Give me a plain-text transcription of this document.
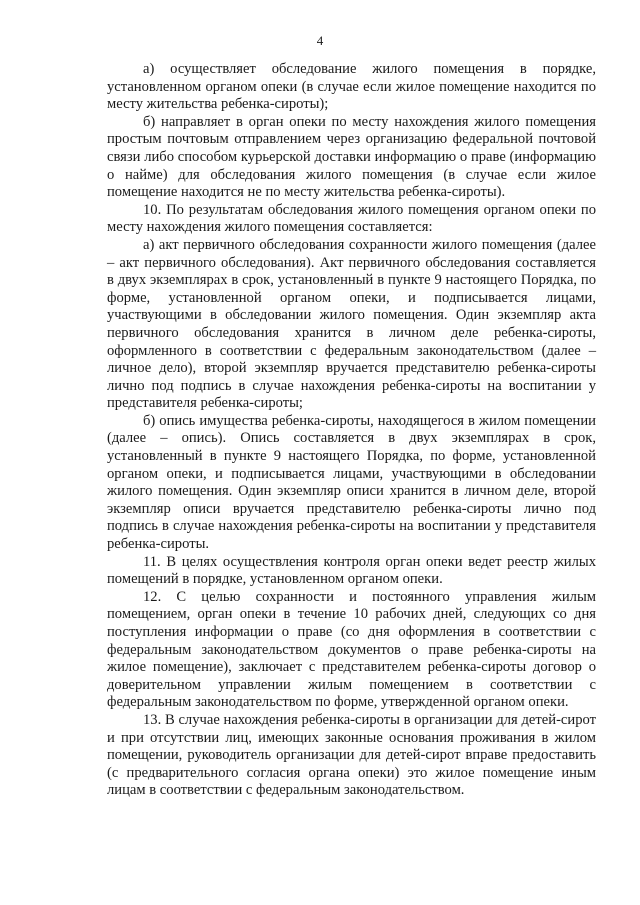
4

а) осуществляет обследование жилого помещения в порядке, установленном органом опеки (в случае если жилое помещение находится по месту жительства ребенка-сироты);

б) направляет в орган опеки по месту нахождения жилого помещения простым почтовым отправлением через организацию федеральной почтовой связи либо способом курьерской доставки информацию о праве (информацию о найме) для обследования жилого помещения (в случае если жилое помещение находится не по месту жительства ребенка-сироты).

10. По результатам обследования жилого помещения органом опеки по месту нахождения жилого помещения составляется:

а) акт первичного обследования сохранности жилого помещения (далее – акт первичного обследования). Акт первичного обследования составляется в двух экземплярах в срок, установленный в пункте 9 настоящего Порядка, по форме, установленной органом опеки, и подписывается лицами, участвующими в обследовании жилого помещения. Один экземпляр акта первичного обследования хранится в личном деле ребенка-сироты, оформленного в соответствии с федеральным законодательством (далее – личное дело), второй экземпляр вручается представителю ребенка-сироты лично под подпись в случае нахождения ребенка-сироты на воспитании у представителя ребенка-сироты;

б) опись имущества ребенка-сироты, находящегося в жилом помещении (далее – опись). Опись составляется в двух экземплярах в срок, установленный в пункте 9 настоящего Порядка, по форме, установленной органом опеки, и подписывается лицами, участвующими в обследовании жилого помещения. Один экземпляр описи хранится в личном деле, второй экземпляр описи вручается представителю ребенка-сироты лично под подпись в случае нахождения ребенка-сироты на воспитании у представителя ребенка-сироты.

11. В целях осуществления контроля орган опеки ведет реестр жилых помещений в порядке, установленном органом опеки.

12. С целью сохранности и постоянного управления жилым помещением, орган опеки в течение 10 рабочих дней, следующих со дня поступления информации о праве (со дня оформления в соответствии с федеральным законодательством документов о праве ребенка-сироты на жилое помещение), заключает с представителем ребенка-сироты договор о доверительном управлении жилым помещением в соответствии с федеральным законодательством по форме, утвержденной органом опеки.

13. В случае нахождения ребенка-сироты в организации для детей-сирот и при отсутствии лиц, имеющих законные основания проживания в жилом помещении, руководитель организации для детей-сирот вправе предоставить (с предварительного согласия органа опеки) это жилое помещение иным лицам в соответствии с федеральным законодательством.
